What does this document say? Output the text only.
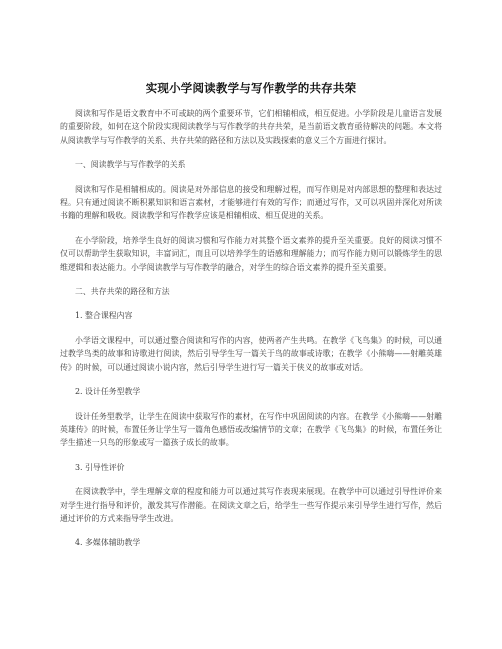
实现小学阅读教学与写作教学的共存共荣

阅读和写作是语文教育中不可或缺的两个重要环节，它们相辅相成，相互促进。小学阶段是儿童语言发展的重要阶段，如何在这个阶段实现阅读教学与写作教学的共存共荣，是当前语文教育亟待解决的问题。本文将从阅读教学与写作教学的关系、共存共荣的路径和方法以及实践探索的意义三个方面进行探讨。

一、阅读教学与写作教学的关系

阅读和写作是相辅相成的。阅读是对外部信息的接受和理解过程，而写作则是对内部思想的整理和表达过程。只有通过阅读不断积累知识和语言素材，才能够进行有效的写作；而通过写作，又可以巩固并深化对所读书籍的理解和吸收。阅读教学和写作教学应该是相辅相成、相互促进的关系。

在小学阶段，培养学生良好的阅读习惯和写作能力对其整个语文素养的提升至关重要。良好的阅读习惯不仅可以帮助学生获取知识，丰富词汇，而且可以培养学生的语感和理解能力；而写作能力则可以锻炼学生的思维逻辑和表达能力。小学阅读教学与写作教学的融合，对学生的综合语文素养的提升至关重要。

二、共存共荣的路径和方法

1. 整合课程内容

小学语文课程中，可以通过整合阅读和写作的内容，使两者产生共鸣。在教学《飞鸟集》的时候，可以通过教学鸟类的故事和诗歌进行阅读，然后引导学生写一篇关于鸟的故事或诗歌；在教学《小熊嗨——射雕英雄传》的时候，可以通过阅读小说内容，然后引导学生进行写一篇关于侠义的故事或对话。

2. 设计任务型教学

设计任务型教学，让学生在阅读中获取写作的素材，在写作中巩固阅读的内容。在教学《小熊嗨——射雕英雄传》的时候，布置任务让学生写一篇角色感悟或改编情节的文章；在教学《飞鸟集》的时候，布置任务让学生描述一只鸟的形象或写一篇孩子成长的故事。

3. 引导性评价

在阅读教学中，学生理解文章的程度和能力可以通过其写作表现来展现。在教学中可以通过引导性评价来对学生进行指导和评价，激发其写作潜能。在阅读文章之后，给学生一些写作提示来引导学生进行写作，然后通过评价的方式来指导学生改进。

4. 多媒体辅助教学
